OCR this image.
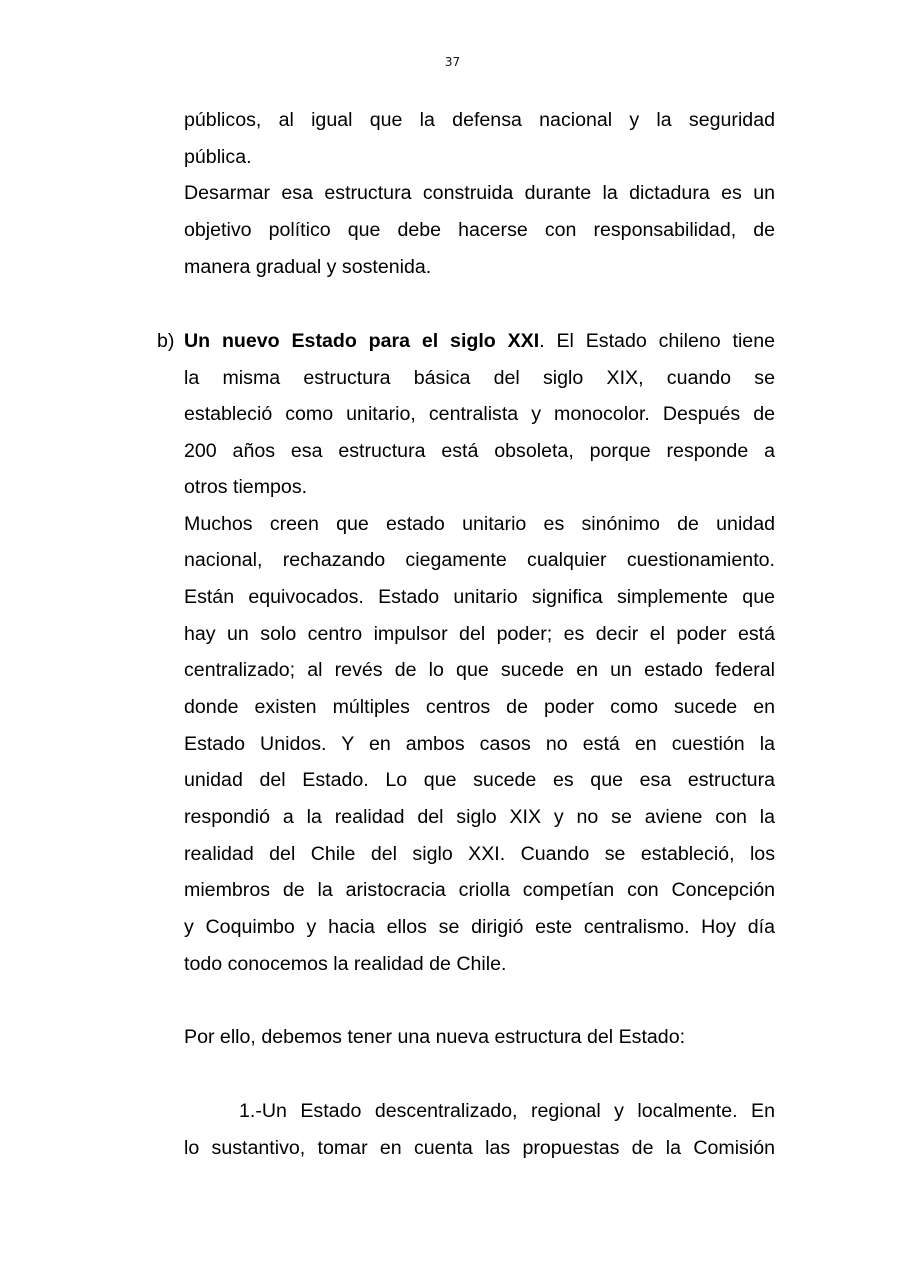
37
públicos, al igual que la defensa nacional y la seguridad
pública.
Desarmar esa estructura construida durante la dictadura es un
objetivo político que debe hacerse con responsabilidad, de
manera gradual y sostenida.
b) Un nuevo Estado para el siglo XXI. El Estado chileno tiene
la misma estructura básica del siglo XIX, cuando se
estableció como unitario, centralista y monocolor. Después de
200 años esa estructura está obsoleta, porque responde a
otros tiempos.
Muchos creen que estado unitario es sinónimo de unidad
nacional, rechazando ciegamente cualquier cuestionamiento.
Están equivocados. Estado unitario significa simplemente que
hay un solo centro impulsor del poder; es decir el poder está
centralizado; al revés de lo que sucede en un estado federal
donde existen múltiples centros de poder como sucede en
Estado Unidos. Y en ambos casos no está en cuestión la
unidad del Estado. Lo que sucede es que esa estructura
respondió a la realidad del siglo XIX y no se aviene con la
realidad del Chile del siglo XXI. Cuando se estableció, los
miembros de la aristocracia criolla competían con Concepción
y Coquimbo y hacia ellos se dirigió este centralismo. Hoy día
todo conocemos la realidad de Chile.
Por ello, debemos tener una nueva estructura del Estado:
1.-Un Estado descentralizado, regional y localmente. En
lo sustantivo, tomar en cuenta las propuestas de la Comisión
